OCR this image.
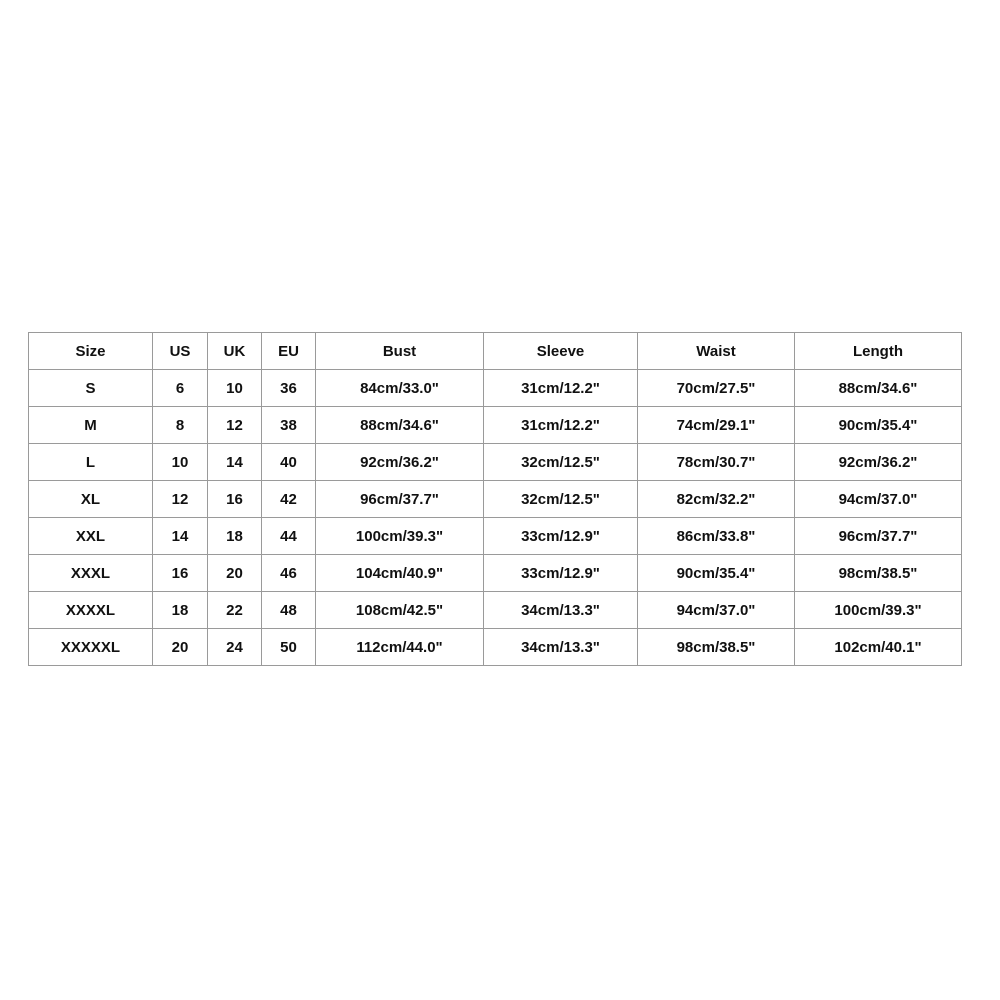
Size	US	UK	EU	Bust	Sleeve	Waist	Length
S	6	10	36	84cm/33.0"	31cm/12.2"	70cm/27.5"	88cm/34.6"
M	8	12	38	88cm/34.6"	31cm/12.2"	74cm/29.1"	90cm/35.4"
L	10	14	40	92cm/36.2"	32cm/12.5"	78cm/30.7"	92cm/36.2"
XL	12	16	42	96cm/37.7"	32cm/12.5"	82cm/32.2"	94cm/37.0"
XXL	14	18	44	100cm/39.3"	33cm/12.9"	86cm/33.8"	96cm/37.7"
XXXL	16	20	46	104cm/40.9"	33cm/12.9"	90cm/35.4"	98cm/38.5"
XXXXL	18	22	48	108cm/42.5"	34cm/13.3"	94cm/37.0"	100cm/39.3"
XXXXXL	20	24	50	112cm/44.0"	34cm/13.3"	98cm/38.5"	102cm/40.1"
